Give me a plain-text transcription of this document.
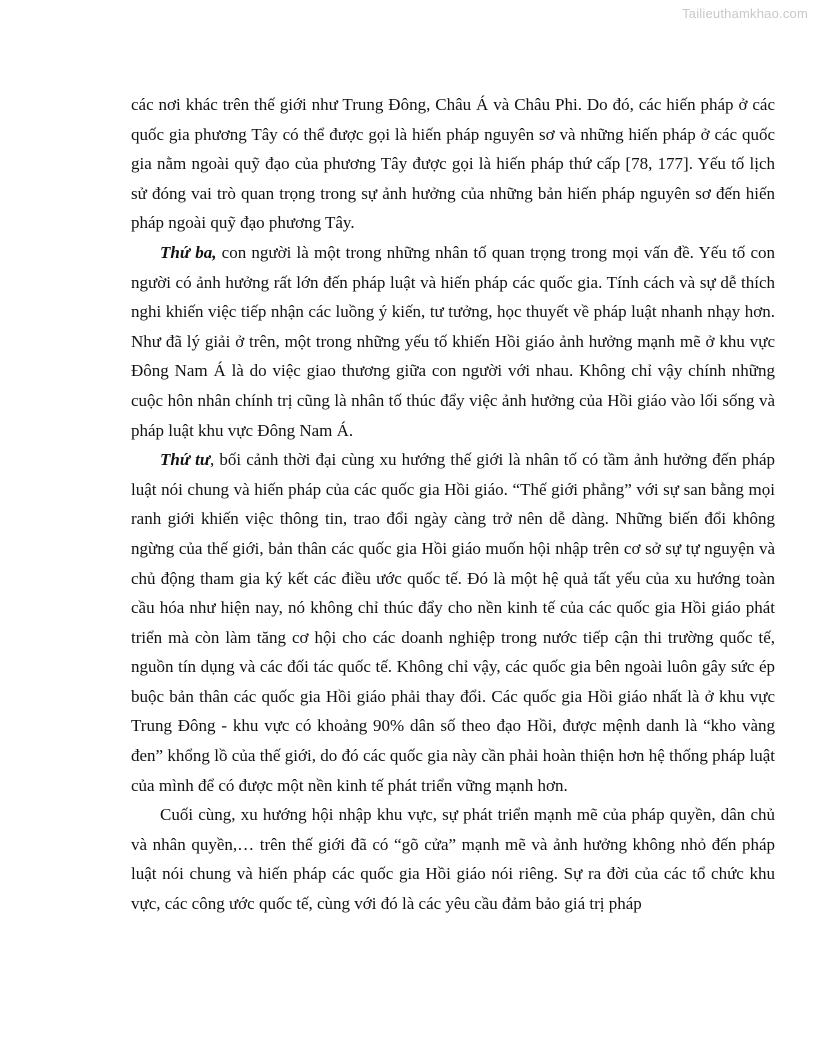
Tailieuthamkhao.com

các nơi khác trên thế giới như Trung Đông, Châu Á và Châu Phi. Do đó, các hiến pháp ở các quốc gia phương Tây có thể được gọi là hiến pháp nguyên sơ và những hiến pháp ở các quốc gia nằm ngoài quỹ đạo của phương Tây được gọi là hiến pháp thứ cấp [78, 177]. Yếu tố lịch sử đóng vai trò quan trọng trong sự ảnh hưởng của những bản hiến pháp nguyên sơ đến hiến pháp ngoài quỹ đạo phương Tây.

Thứ ba, con người là một trong những nhân tố quan trọng trong mọi vấn đề. Yếu tố con người có ảnh hưởng rất lớn đến pháp luật và hiến pháp các quốc gia. Tính cách và sự dễ thích nghi khiến việc tiếp nhận các luồng ý kiến, tư tưởng, học thuyết về pháp luật nhanh nhạy hơn. Như đã lý giải ở trên, một trong những yếu tố khiến Hồi giáo ảnh hưởng mạnh mẽ ở khu vực Đông Nam Á là do việc giao thương giữa con người với nhau. Không chỉ vậy chính những cuộc hôn nhân chính trị cũng là nhân tố thúc đẩy việc ảnh hưởng của Hồi giáo vào lối sống và pháp luật khu vực Đông Nam Á.

Thứ tư, bối cảnh thời đại cùng xu hướng thế giới là nhân tố có tầm ảnh hưởng đến pháp luật nói chung và hiến pháp của các quốc gia Hồi giáo. “Thế giới phẳng” với sự san bằng mọi ranh giới khiến việc thông tin, trao đổi ngày càng trở nên dễ dàng. Những biến đổi không ngừng của thế giới, bản thân các quốc gia Hồi giáo muốn hội nhập trên cơ sở sự tự nguyện và chủ động tham gia ký kết các điều ước quốc tế. Đó là một hệ quả tất yếu của xu hướng toàn cầu hóa như hiện nay, nó không chỉ thúc đẩy cho nền kinh tế của các quốc gia Hồi giáo phát triển mà còn làm tăng cơ hội cho các doanh nghiệp trong nước tiếp cận thi trường quốc tế, nguồn tín dụng và các đối tác quốc tế. Không chỉ vậy, các quốc gia bên ngoài luôn gây sức ép buộc bản thân các quốc gia Hồi giáo phải thay đổi. Các quốc gia Hồi giáo nhất là ở khu vực Trung Đông - khu vực có khoảng 90% dân số theo đạo Hồi, được mệnh danh là “kho vàng đen” khổng lồ của thế giới, do đó các quốc gia này cần phải hoàn thiện hơn hệ thống pháp luật của mình để có được một nền kinh tế phát triển vững mạnh hơn.

Cuối cùng, xu hướng hội nhập khu vực, sự phát triển mạnh mẽ của pháp quyền, dân chủ và nhân quyền,… trên thế giới đã có “gõ cửa” mạnh mẽ và ảnh hưởng không nhỏ đến pháp luật nói chung và hiến pháp các quốc gia Hồi giáo nói riêng. Sự ra đời của các tổ chức khu vực, các công ước quốc tế, cùng với đó là các yêu cầu đảm bảo giá trị pháp
